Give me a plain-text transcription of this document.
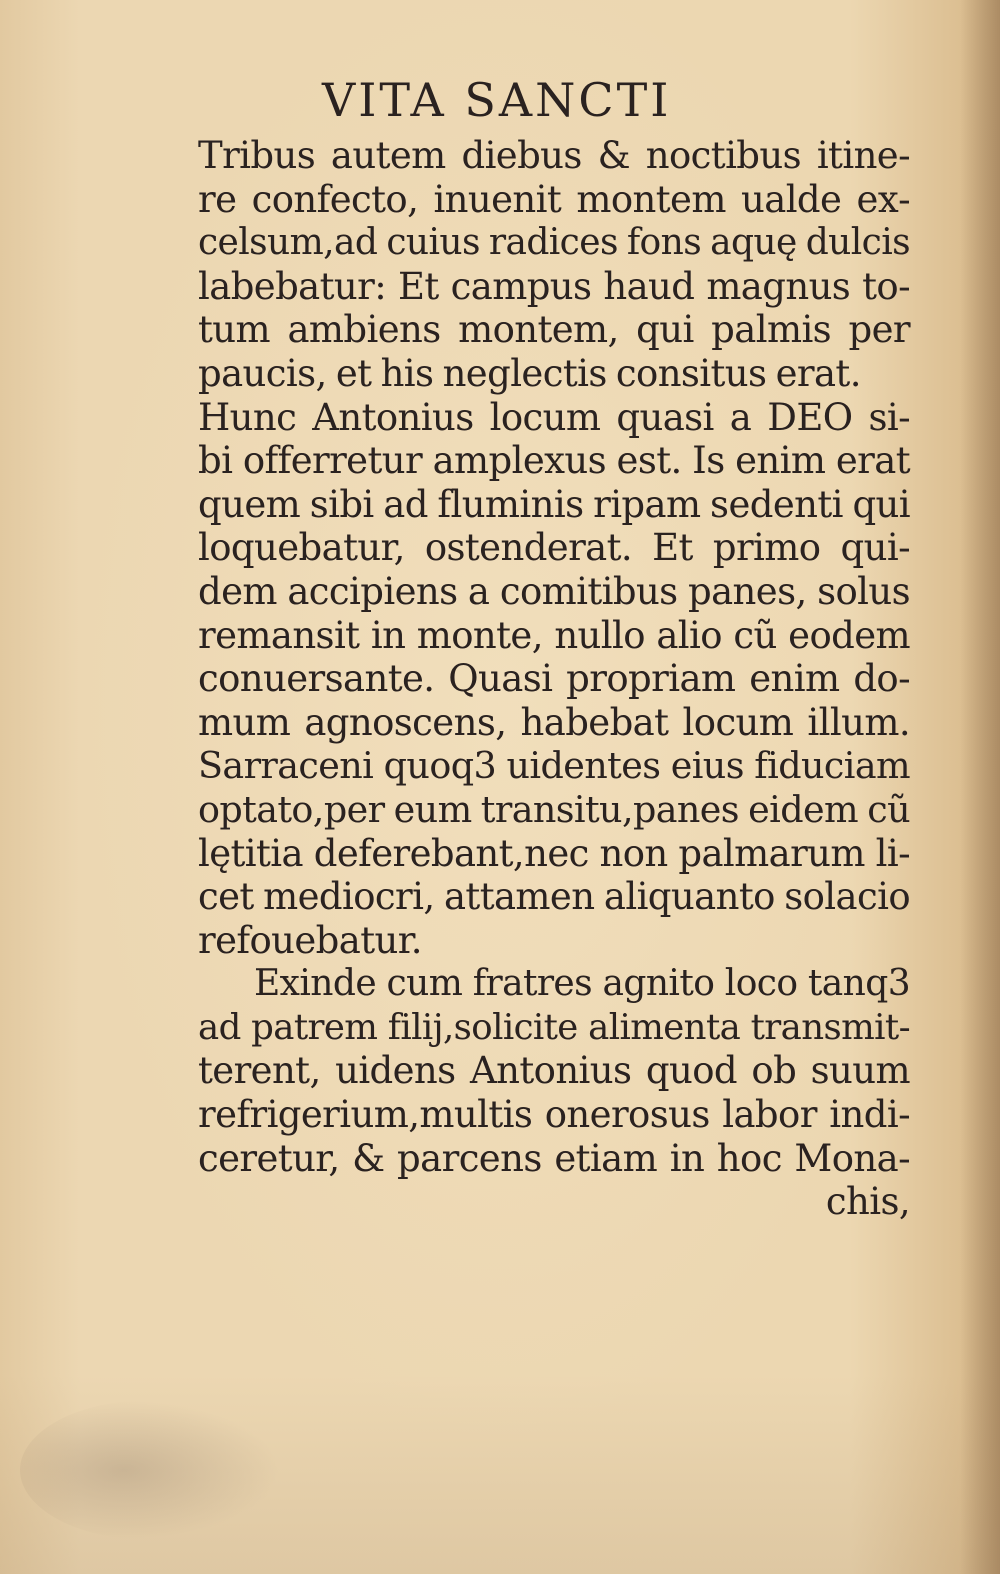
VITA SANCTI
Tribus autem diebus & noctibus itine‑
re confecto, inuenit montem ualde ex‑
celsum,ad cuius radices fons aquę dulcis
labebatur: Et campus haud magnus to‑
tum ambiens montem, qui palmis per
paucis, et his neglectis consitus erat.
Hunc Antonius locum quasi a DEO si‑
bi offerretur amplexus est. Is enim erat
quem sibi ad fluminis ripam sedenti qui
loquebatur, ostenderat. Et primo qui‑
dem accipiens a comitibus panes, solus
remansit in monte, nullo alio cũ eodem
conuersante. Quasi propriam enim do‑
mum agnoscens, habebat locum illum.
Sarraceni quoq3 uidentes eius fiduciam
optato,per eum transitu,panes eidem cũ
lętitia deferebant,nec non palmarum li‑
cet mediocri, attamen aliquanto solacio
refouebatur.
Exinde cum fratres agnito loco tanq3
ad patrem filij,solicite alimenta transmit‑
terent, uidens Antonius quod ob suum
refrigerium,multis onerosus labor indi‑
ceretur, & parcens etiam in hoc Mona‑
chis,
